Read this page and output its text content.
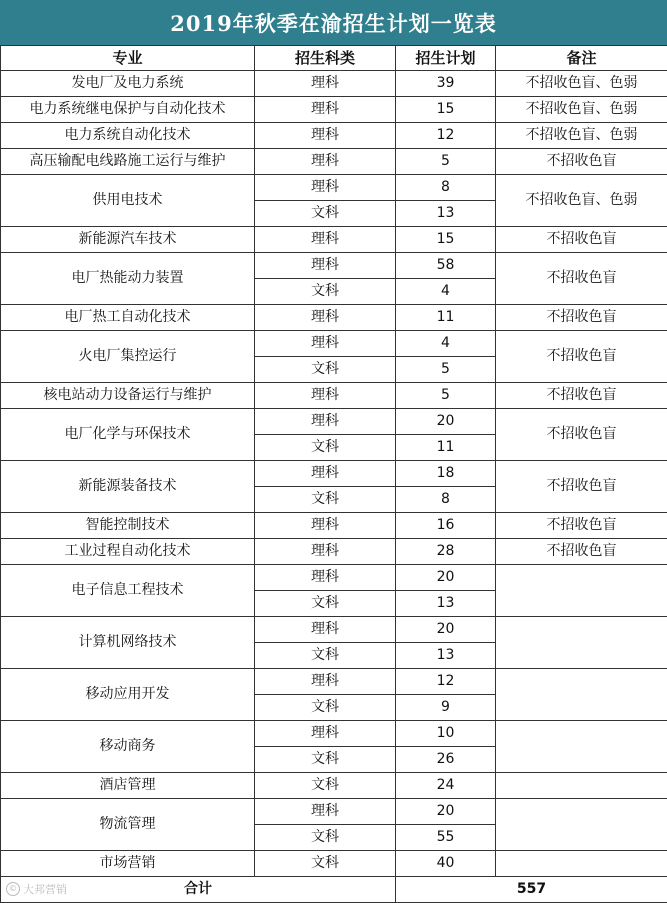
2019年秋季在渝招生计划一览表
专业	招生科类	招生计划	备注
发电厂及电力系统	理科	39	不招收色盲、色弱
电力系统继电保护与自动化技术	理科	15	不招收色盲、色弱
电力系统自动化技术	理科	12	不招收色盲、色弱
高压输配电线路施工运行与维护	理科	5	不招收色盲
供用电技术	理科	8	不招收色盲、色弱
	文科	13	
新能源汽车技术	理科	15	不招收色盲
电厂热能动力装置	理科	58	不招收色盲
	文科	4	
电厂热工自动化技术	理科	11	不招收色盲
火电厂集控运行	理科	4	不招收色盲
	文科	5	
核电站动力设备运行与维护	理科	5	不招收色盲
电厂化学与环保技术	理科	20	不招收色盲
	文科	11	
新能源装备技术	理科	18	不招收色盲
	文科	8	
智能控制技术	理科	16	不招收色盲
工业过程自动化技术	理科	28	不招收色盲
电子信息工程技术	理科	20	
	文科	13	
计算机网络技术	理科	20	
	文科	13	
移动应用开发	理科	12	
	文科	9	
移动商务	理科	10	
	文科	26	
酒店管理	文科	24	
物流管理	理科	20	
	文科	55	
市场营销	文科	40	
合计		557	
© 大邦营销
